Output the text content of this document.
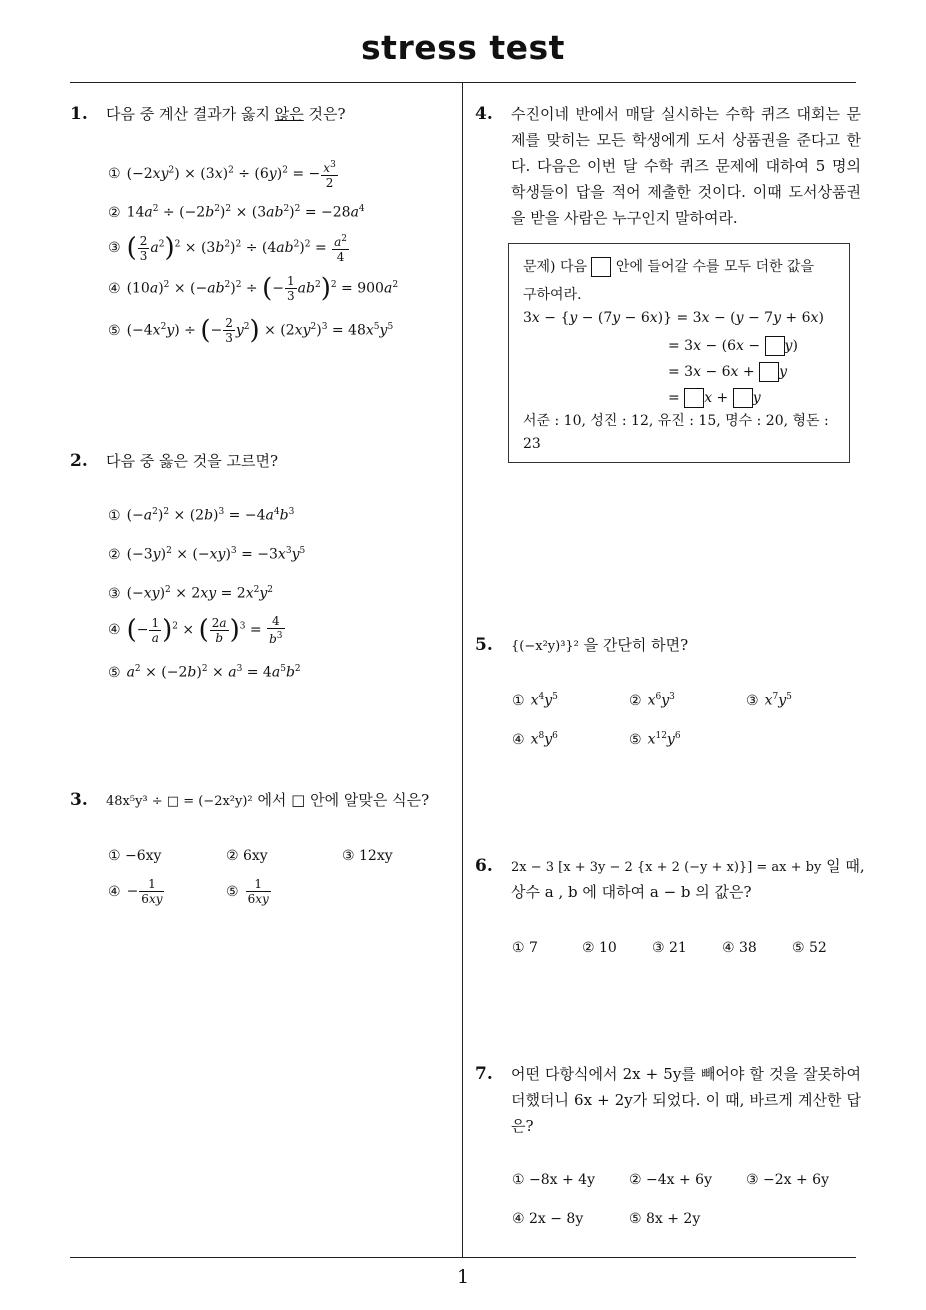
stress test
1
1. 다음 중 계산 결과가 옳지 않은 것은?
① $(-2xy^2) \times (3x)^2 \div (6y)^2$ = − $\frac{x^3}{2}$
② $14a^2 \div (-2b^2)^2 \times (3ab^2)^2 = -28a^4$
③ ( $\frac{2}{3} a^2)^2 \times (3b^2)^2 \div (4ab^2)^2 = \frac{a^2}{4}$
④ $(10a)^2 \times (-ab^2)^2$ ÷ (− $\frac{1}{3} ab^2)^2 = 900a^2$
⑤ $(-4x^2y)$ ÷ (− $\frac{2}{3} y^2) \times (2xy^2)^3 = 48x^5y^5$
2. 다음 중 옳은 것을 고르면?
① $(-a^2)^2 \times (2b)^3 = -4a^4b^3$
② $(-3y)^2 \times (-xy)^3 = -3x^3y^5$
③ $(-xy)^2 \times 2xy = 2x^2y^2$
④ (− $\frac{1}{a} )^2$ × ( $\frac{2a}{b} )^3 = \frac{4}{b^3}$
⑤ $a^2 \times (-2b)^2 \times a^3 = 4a^5b^2$
3. 48x⁵y³ ÷ □ = (−2x²y)² 에서 □ 안에 알맞은 식은?
① −6xy	② 6xy	③ 12xy
④ − $\frac{1}{6xy}$	⑤ $\frac{1}{6xy}$
4. 수진이네 반에서 매달 실시하는 수학 퀴즈 대회는 문제를 맞히는 모든 학생에게 도서 상품권을 준다고 한다. 다음은 이번 달 수학 퀴즈 문제에 대하여 5 명의 학생들이 답을 적어 제출한 것이다. 이때 도서상품권을 받을 사람은 누구인지 말하여라.
문제) 다음 안에 들어갈 수를 모두 더한 값을
구하여라.
3x − {y − (7y − 6x)} = 3x − (y − 7y + 6x)
= 3x − (6x − y)
= 3x − 6x + y
= x + y
서준 : 10, 성진 : 12, 유진 : 15, 명수 : 20, 형돈 :
23
5. {(−x²y)³}² 을 간단히 하면?
① $x^4y^5$	② $x^6y^3$	③ $x^7y^5$
④ $x^8y^6$	⑤ $x^{12}y^6$
6. 2x − 3 [x + 3y − 2 {x + 2 (−y + x)}] = ax + by 일 때,
상수 a , b 에 대하여 a − b 의 값은?
① 7	② 10	③ 21	④ 38	⑤ 52
7. 어떤 다항식에서 2x + 5y를 빼어야 할 것을 잘못하여 더했더니 6x + 2y가 되었다. 이 때, 바르게 계산한 답은?
① −8x + 4y ② −4x + 6y ③ −2x + 6y
④ 2x − 8y	⑤ 8x + 2y
